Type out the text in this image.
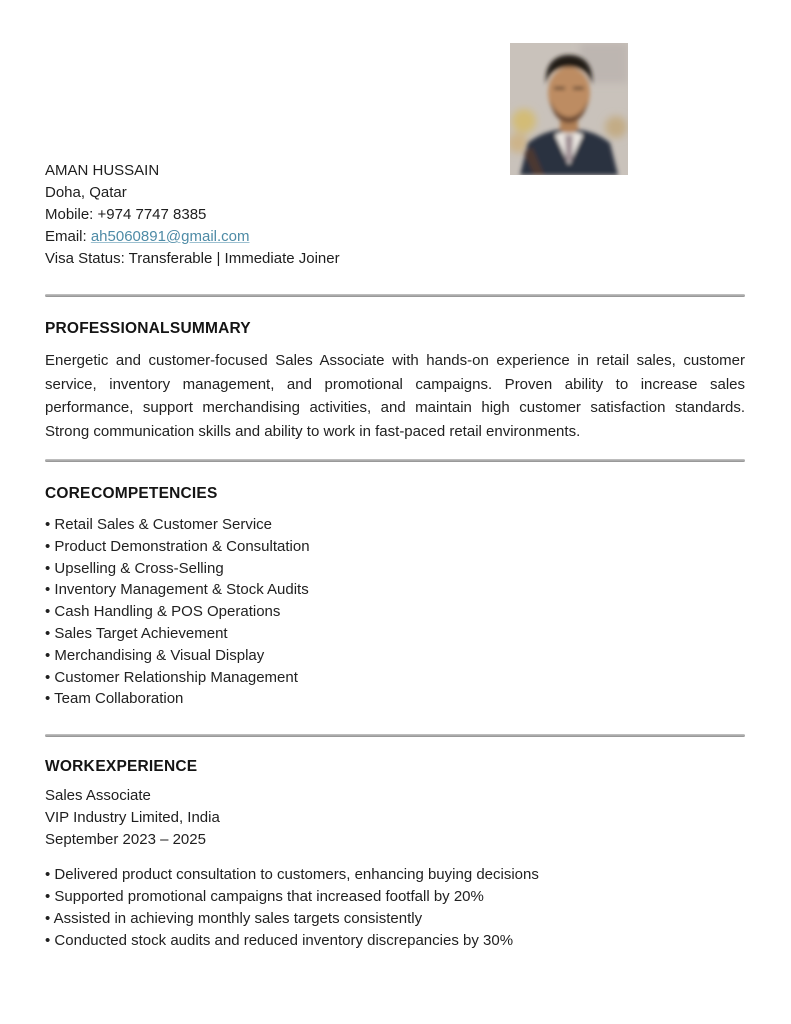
AMAN HUSSAIN
Doha, Qatar
Mobile: +974 7747 8385
Email: ah5060891@gmail.com
Visa Status: Transferable | Immediate Joiner
PROFESSIONAL SUMMARY

Energetic and customer-focused Sales Associate with hands-on experience in retail sales, customer service, inventory management, and promotional campaigns. Proven ability to increase sales performance, support merchandising activities, and maintain high customer satisfaction standards. Strong communication skills and ability to work in fast-paced retail environments.

CORE COMPETENCIES
• Retail Sales & Customer Service
• Product Demonstration & Consultation
• Upselling & Cross-Selling
• Inventory Management & Stock Audits
• Cash Handling & POS Operations
• Sales Target Achievement
• Merchandising & Visual Display
• Customer Relationship Management
• Team Collaboration
WORK EXPERIENCE
Sales Associate
VIP Industry Limited, India
September 2023 – 2025
• Delivered product consultation to customers, enhancing buying decisions
• Supported promotional campaigns that increased footfall by 20%
• Assisted in achieving monthly sales targets consistently
• Conducted stock audits and reduced inventory discrepancies by 30%
